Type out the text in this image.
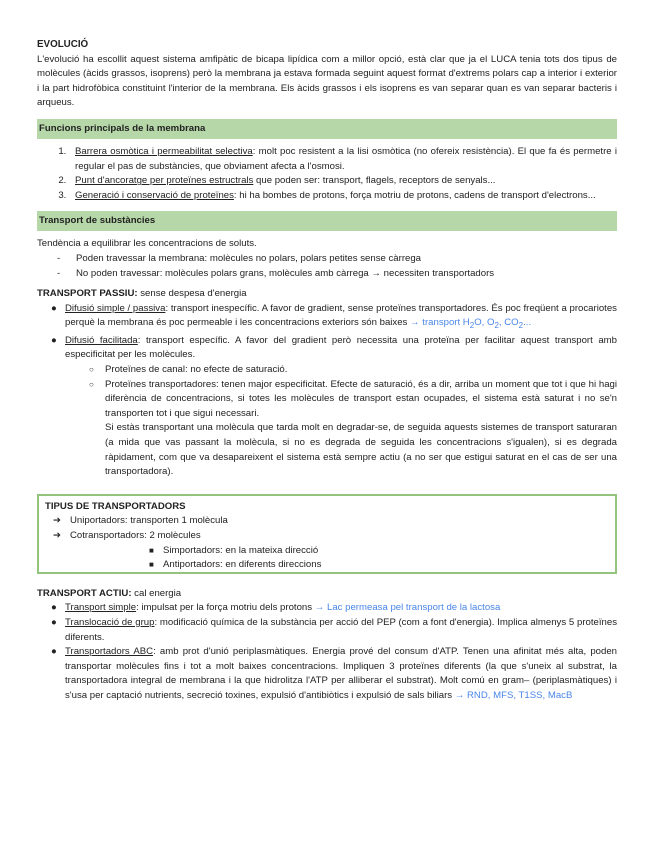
EVOLUCIÓ
L'evolució ha escollit aquest sistema amfipàtic de bicapa lipídica com a millor opció, està clar que ja el LUCA tenia tots dos tipus de molècules (àcids grassos, isoprens) però la membrana ja estava formada seguint aquest format d'extrems polars cap a interior i exterior i la part hidrofòbica constituint l'interior de la membrana. Els àcids grassos i els isoprens es van separar quan es van separar bacteris i arqueus.
Funcions principals de la membrana
1. Barrera osmòtica i permeabilitat selectiva: molt poc resistent a la lisi osmòtica (no ofereix resistència). El que fa és permetre i regular el pas de substàncies, que obviament afecta a l'osmosi.
2. Punt d'ancoratge per proteïnes estructrals que poden ser: transport, flagels, receptors de senyals...
3. Generació i conservació de proteïnes: hi ha bombes de protons, força motriu de protons, cadens de transport d'electrons...
Transport de substàncies
Tendència a equilibrar les concentracions de soluts.
- Poden travessar la membrana: molècules no polars, polars petites sense càrrega
- No poden travessar: molècules polars grans, molècules amb càrrega → necessiten transportadors
TRANSPORT PASSIU: sense despesa d'energia
● Difusió simple / passiva: transport inespecífic. A favor de gradient, sense proteïnes transportadores. És poc freqüent a procariotes perquè la membrana és poc permeable i les concentracions exteriors són baixes → transport $H_2O$, $O_2$, $CO_2$...
● Difusió facilitada: transport específic. A favor del gradient però necessita una proteïna per facilitar aquest transport amb especificitat per les molècules.
○ Proteïnes de canal: no efecte de saturació.
○ Proteïnes transportadores: tenen major especificitat. Efecte de saturació, és a dir, arriba un moment que tot i que hi hagi diferència de concentracions, si totes les molècules de transport estan ocupades, el sistema està saturat i no se'n transporten tot i que sigui necessari.
Si estàs transportant una molècula que tarda molt en degradar-se, de seguida aquests sistemes de transport saturaran (a mida que vas passant la molècula, si no es degrada de seguida les concentracions s'igualen), si es degrada ràpidament, com que va desapareixent el sistema està sempre actiu (a no ser que estigui saturat en el cas de ser una transportadora).
TIPUS DE TRANSPORTADORS
➔ Uniportadors: transporten 1 molècula
➔ Cotransportadors: 2 molècules
■ Simportadors: en la mateixa direcció
■ Antiportadors: en diferents direccions
TRANSPORT ACTIU: cal energia
● Transport simple: impulsat per la força motriu dels protons → Lac permeasa pel transport de la lactosa
● Translocació de grup: modificació química de la substància per acció del PEP (com a font d'energia). Implica almenys 5 proteïnes diferents.
● Transportadors ABC: amb prot d'unió periplasmàtiques. Energia prové del consum d'ATP. Tenen una afinitat més alta, poden transportar molècules fins i tot a molt baixes concentracions. Impliquen 3 proteïnes diferents (la que s'uneix al substrat, la transportadora integral de membrana i la que hidrolitza l'ATP per alliberar el substrat). Molt comú en gram– (periplasmàtiques) i s'usa per captació nutrients, secreció toxines, expulsió d'antibiòtics i expulsió de sals biliars → RND, MFS, T1SS, MacB
